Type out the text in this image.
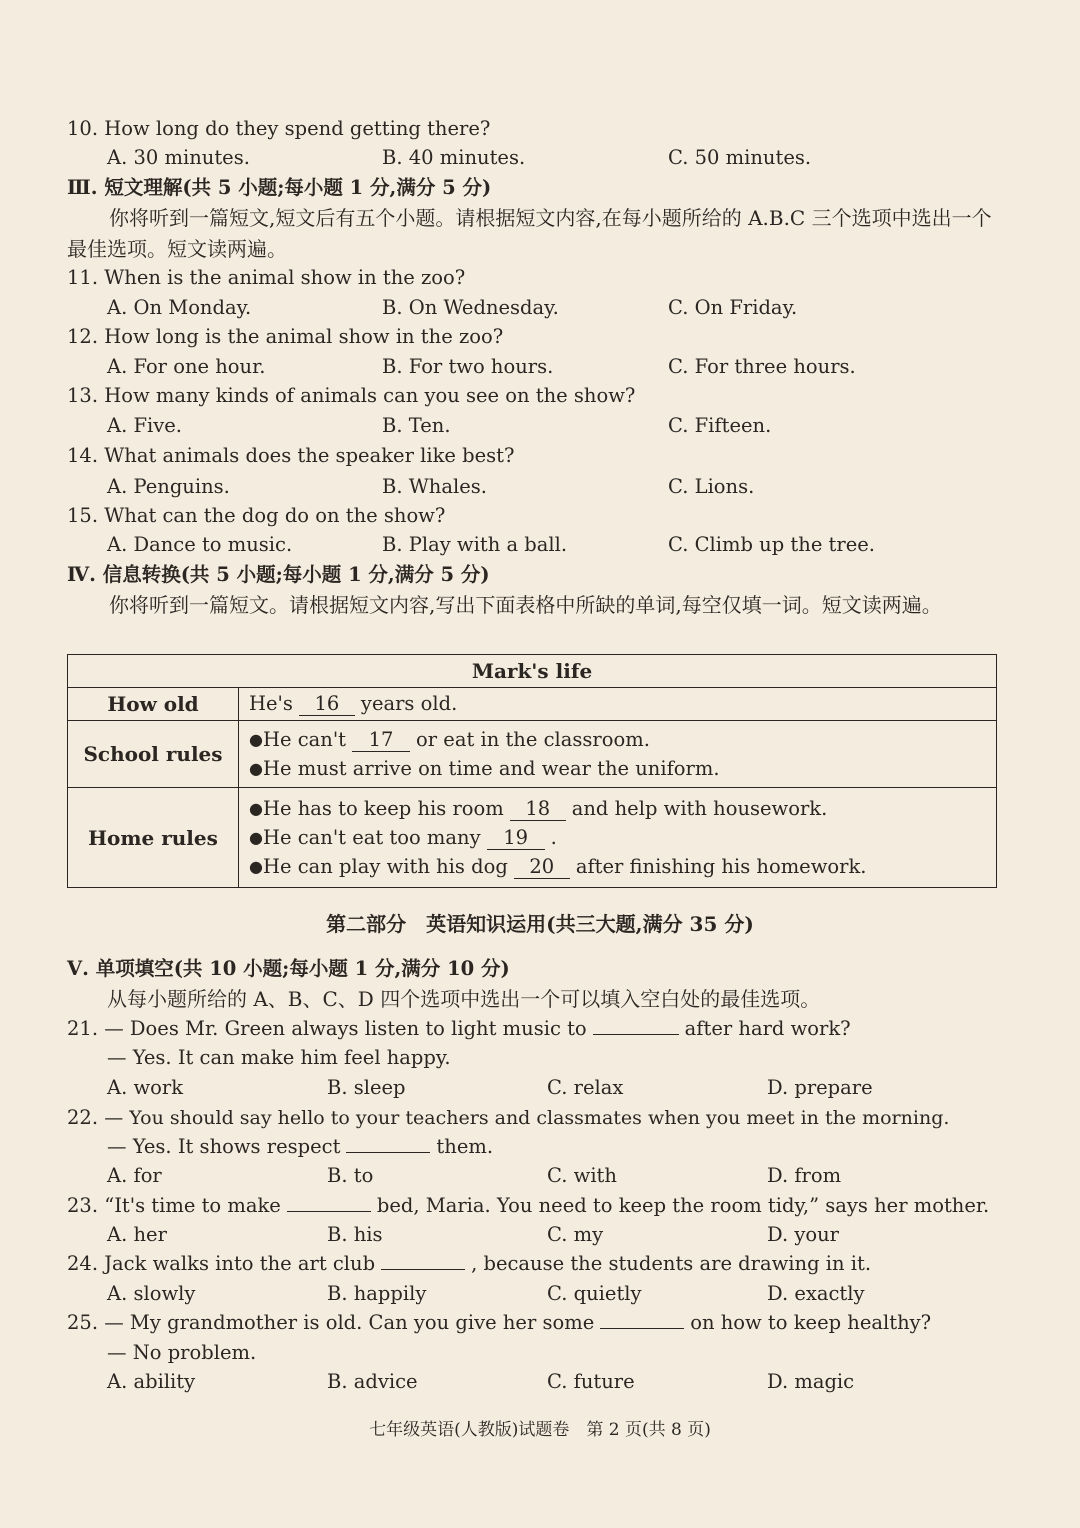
10. How long do they spend getting there?
A. 30 minutes.	B. 40 minutes.	C. 50 minutes.
Ⅲ. 短文理解(共 5 小题;每小题 1 分,满分 5 分)
你将听到一篇短文,短文后有五个小题。请根据短文内容,在每小题所给的 A.B.C 三个选项中选出一个最佳选项。短文读两遍。
11. When is the animal show in the zoo?
A. On Monday.	B. On Wednesday.	C. On Friday.
12. How long is the animal show in the zoo?
A. For one hour.	B. For two hours.	C. For three hours.
13. How many kinds of animals can you see on the show?
A. Five.	B. Ten.	C. Fifteen.
14. What animals does the speaker like best?
A. Penguins.	B. Whales.	C. Lions.
15. What can the dog do on the show?
A. Dance to music.	B. Play with a ball.	C. Climb up the tree.
Ⅳ. 信息转换(共 5 小题;每小题 1 分,满分 5 分)
你将听到一篇短文。请根据短文内容,写出下面表格中所缺的单词,每空仅填一词。短文读两遍。
Mark's life	
How old	He's 16 years old.
School rules	●He can't 17 or eat in the classroom.
●He must arrive on time and wear the uniform.

Home rules	●He has to keep his room 18 and help with housework.
●He can't eat too many 19 .
●He can play with his dog 20 after finishing his homework.
第二部分　英语知识运用(共三大题,满分 35 分)
Ⅴ. 单项填空(共 10 小题;每小题 1 分,满分 10 分)
从每小题所给的 A、B、C、D 四个选项中选出一个可以填入空白处的最佳选项。
21. — Does Mr. Green always listen to light music to	after hard work?
— Yes. It can make him feel happy.
A. work	B. sleep	C. relax	D. prepare
22. — You should say hello to your teachers and classmates when you meet in the morning.
— Yes. It shows respect	them.
A. for	B. to	C. with	D. from
23. “It's time to make	bed, Maria. You need to keep the room tidy,” says her mother.
A. her	B. his	C. my	D. your
24. Jack walks into the art club	, because the students are drawing in it.
A. slowly	B. happily	C. quietly	D. exactly
25. — My grandmother is old. Can you give her some	on how to keep healthy?
— No problem.
A. ability	B. advice	C. future	D. magic
七年级英语(人教版)试题卷　第 2 页(共 8 页)
